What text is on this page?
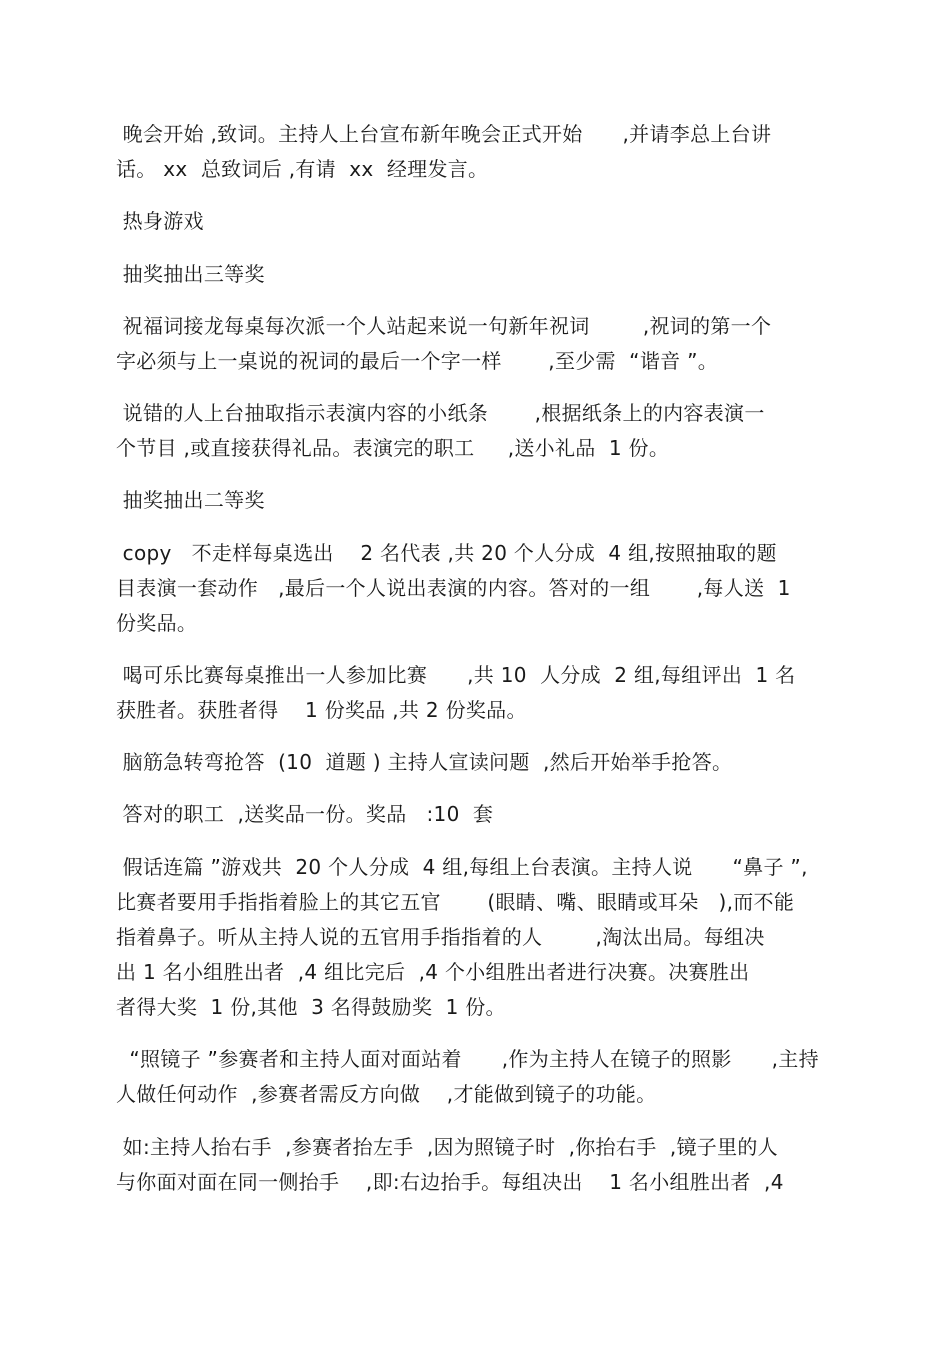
晚会开始 ,致词。主持人上台宣布新年晚会正式开始      ,并请李总上台讲
话。 xx  总致词后 ,有请  xx  经理发言。
热身游戏
抽奖抽出三等奖
祝福词接龙每桌每次派一个人站起来说一句新年祝词        ,祝词的第一个
字必须与上一桌说的祝词的最后一个字一样       ,至少需  “谐音 ”。
说错的人上台抽取指示表演内容的小纸条       ,根据纸条上的内容表演一
个节目 ,或直接获得礼品。表演完的职工     ,送小礼品  1 份。
抽奖抽出二等奖
copy   不走样每桌选出    2 名代表 ,共 20 个人分成  4 组,按照抽取的题
目表演一套动作   ,最后一个人说出表演的内容。答对的一组       ,每人送  1
份奖品。
喝可乐比赛每桌推出一人参加比赛      ,共 10  人分成  2 组,每组评出  1 名
获胜者。获胜者得    1 份奖品 ,共 2 份奖品。
脑筋急转弯抢答  (10  道题 ) 主持人宣读问题  ,然后开始举手抢答。
答对的职工  ,送奖品一份。奖品   :10  套
假话连篇 ”游戏共  20 个人分成  4 组,每组上台表演。主持人说      “鼻子 ”,
比赛者要用手指指着脸上的其它五官       (眼睛、嘴、眼睛或耳朵   ),而不能
指着鼻子。听从主持人说的五官用手指指着的人        ,淘汰出局。每组决
出 1 名小组胜出者  ,4 组比完后  ,4 个小组胜出者进行决赛。决赛胜出
者得大奖  1 份,其他  3 名得鼓励奖  1 份。
“照镜子 ”参赛者和主持人面对面站着      ,作为主持人在镜子的照影      ,主持
人做任何动作  ,参赛者需反方向做    ,才能做到镜子的功能。
如:主持人抬右手  ,参赛者抬左手  ,因为照镜子时  ,你抬右手  ,镜子里的人
与你面对面在同一侧抬手    ,即:右边抬手。每组决出    1 名小组胜出者  ,4
